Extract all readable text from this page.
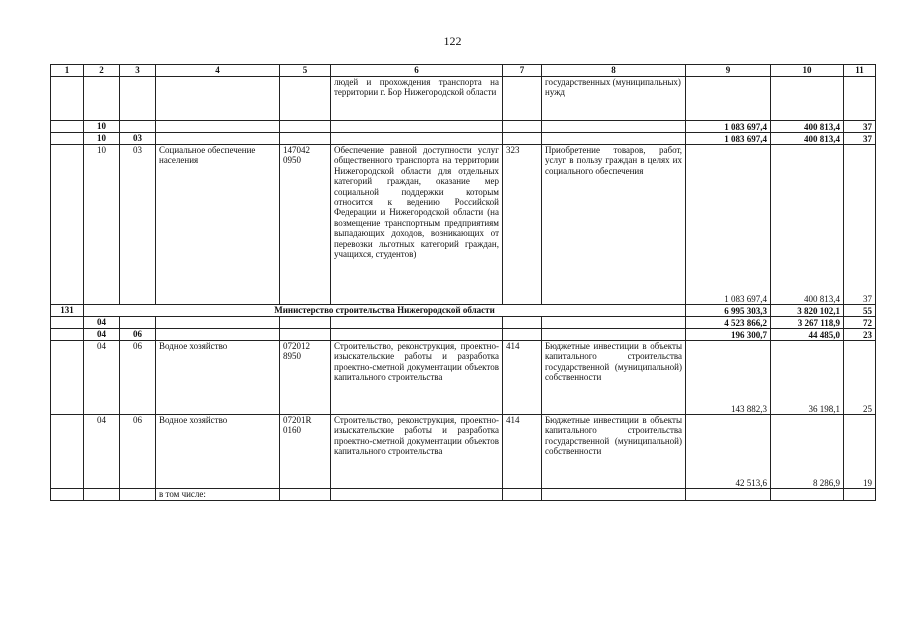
122
1	2	3	4	5	6	7	8	9	10	11
					людей и прохождения транспорта на территории г. Бор Нижегородской области		государственных (муниципальных) нужд			
	10							1 083 697,4	400 813,4	37
	10	03						1 083 697,4	400 813,4	37
	10	03	Социальное обеспечение населения	147042 0950	Обеспечение равной доступности услуг общественного транспорта на территории Нижегородской области для отдельных категорий граждан, оказание мер социальной поддержки которым относится к ведению Российской Федерации и Нижегородской области (на возмещение транспортным предприятиям выпадающих доходов, возникающих от перевозки льготных категорий граждан, учащихся, студентов)	323	Приобретение товаров, работ, услуг в пользу граждан в целях их социального обеспечения	1 083 697,4	400 813,4	37
131	Министерство строительства Нижегородской области							6 995 303,3	3 820 102,1	55
	04							4 523 866,2	3 267 118,9	72
	04	06						196 300,7	44 485,0	23
	04	06	Водное хозяйство	072012 8950	Строительство, реконструкция, проектно-изыскательские работы и разработка проектно-сметной документации объектов капитального строительства	414	Бюджетные инвестиции в объекты капитального строительства государственной (муниципальной) собственности	143 882,3	36 198,1	25
	04	06	Водное хозяйство	07201R 0160	Строительство, реконструкция, проектно-изыскательские работы и разработка проектно-сметной документации объектов капитального строительства	414	Бюджетные инвестиции в объекты капитального строительства государственной (муниципальной) собственности	42 513,6	8 286,9	19
			в том числе:							
